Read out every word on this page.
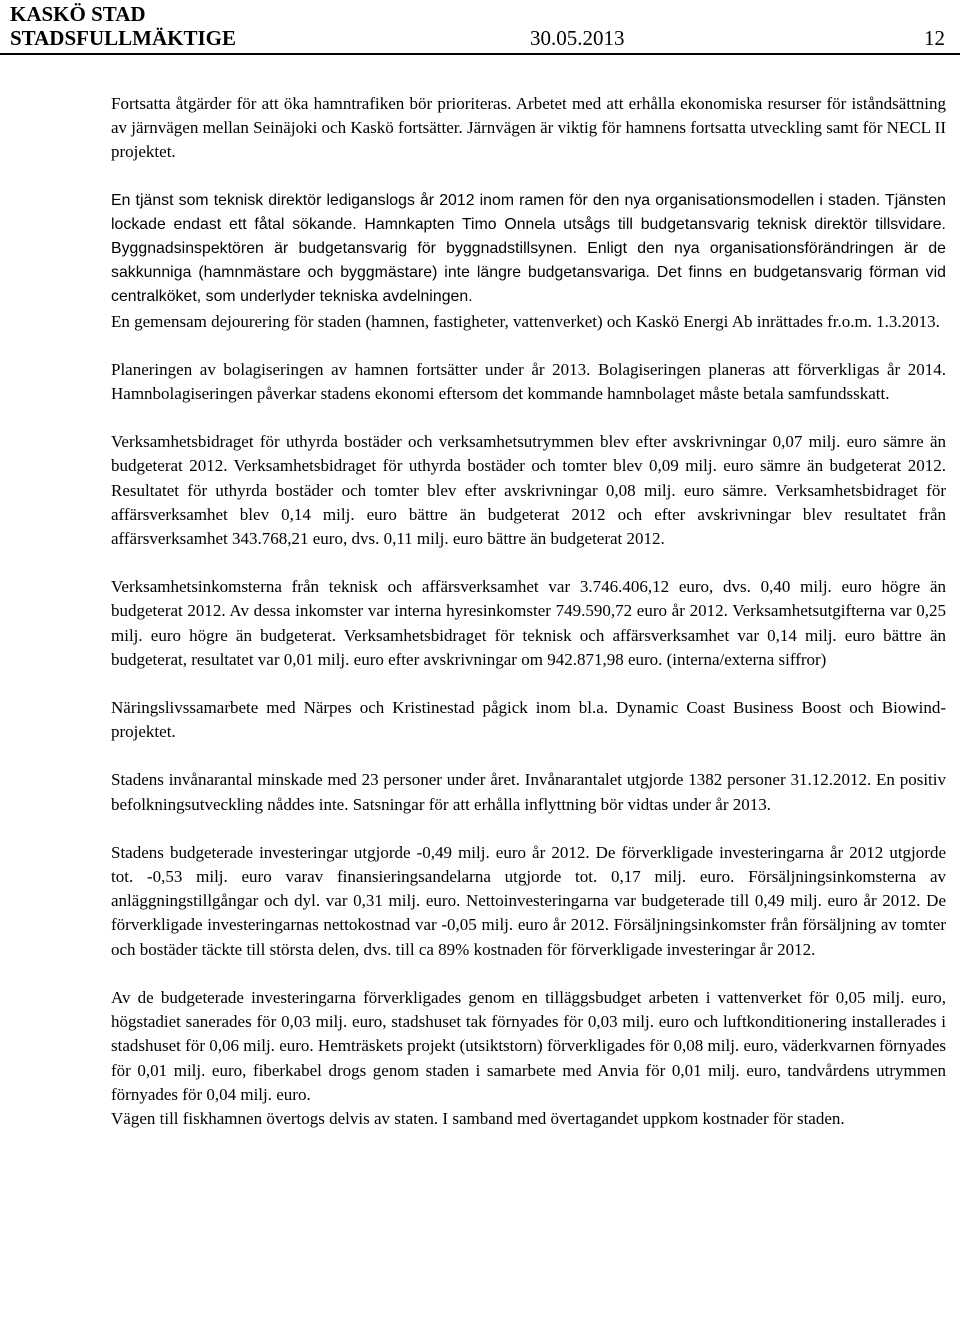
KASKÖ STAD
STADSFULLMÄKTIGE	12
30.05.2013

Fortsatta åtgärder för att öka hamntrafiken bör prioriteras. Arbetet med att erhålla ekonomiska resurser för iståndsättning av järnvägen mellan Seinäjoki och Kaskö fortsätter. Järnvägen är viktig för hamnens fortsatta utveckling samt för NECL II projektet.

En tjänst som teknisk direktör lediganslogs år 2012 inom ramen för den nya organisationsmodellen i staden. Tjänsten lockade endast ett fåtal sökande. Hamnkapten Timo Onnela utsågs till budgetansvarig teknisk direktör tillsvidare. Byggnadsinspektören är budgetansvarig för byggnadstillsynen. Enligt den nya organisationsförändringen är de sakkunniga (hamnmästare och byggmästare) inte längre budgetansvariga. Det finns en budgetansvarig förman vid centralköket, som underlyder tekniska avdelningen.

En gemensam dejourering för staden (hamnen, fastigheter, vattenverket) och Kaskö Energi Ab inrättades fr.o.m. 1.3.2013.

Planeringen av bolagiseringen av hamnen fortsätter under år 2013. Bolagiseringen planeras att förverkligas år 2014. Hamnbolagiseringen påverkar stadens ekonomi eftersom det kommande hamnbolaget måste betala samfundsskatt.

Verksamhetsbidraget för uthyrda bostäder och verksamhetsutrymmen blev efter avskrivningar 0,07 milj. euro sämre än budgeterat 2012. Verksamhetsbidraget för uthyrda bostäder och tomter blev 0,09 milj. euro sämre än budgeterat 2012. Resultatet för uthyrda bostäder och tomter blev efter avskrivningar 0,08 milj. euro sämre. Verksamhetsbidraget för affärsverksamhet blev 0,14 milj. euro bättre än budgeterat 2012 och efter avskrivningar blev resultatet från affärsverksamhet 343.768,21 euro, dvs. 0,11 milj. euro bättre än budgeterat 2012.

Verksamhetsinkomsterna från teknisk och affärsverksamhet var 3.746.406,12 euro, dvs. 0,40 milj. euro högre än budgeterat 2012. Av dessa inkomster var interna hyresinkomster 749.590,72 euro år 2012. Verksamhetsutgifterna var 0,25 milj. euro högre än budgeterat. Verksamhetsbidraget för teknisk och affärsverksamhet var 0,14 milj. euro bättre än budgeterat, resultatet var 0,01 milj. euro efter avskrivningar om 942.871,98 euro. (interna/externa siffror)

Näringslivssamarbete med Närpes och Kristinestad pågick inom bl.a. Dynamic Coast Business Boost och Biowind-projektet.

Stadens invånarantal minskade med 23 personer under året. Invånarantalet utgjorde 1382 personer 31.12.2012. En positiv befolkningsutveckling nåddes inte. Satsningar för att erhålla inflyttning bör vidtas under år 2013.

Stadens budgeterade investeringar utgjorde -0,49 milj. euro år 2012. De förverkligade investeringarna år 2012 utgjorde tot. -0,53 milj. euro varav finansieringsandelarna utgjorde tot. 0,17 milj. euro. Försäljningsinkomsterna av anläggningstillgångar och dyl. var 0,31 milj. euro. Nettoinvesteringarna var budgeterade till 0,49 milj. euro år 2012. De förverkligade investeringarnas nettokostnad var -0,05 milj. euro år 2012. Försäljningsinkomster från försäljning av tomter och bostäder täckte till största delen, dvs. till ca 89% kostnaden för förverkligade investeringar år 2012.

Av de budgeterade investeringarna förverkligades genom en tilläggsbudget arbeten i vattenverket för 0,05 milj. euro, högstadiet sanerades för 0,03 milj. euro, stadshuset tak förnyades för 0,03 milj. euro och luftkonditionering installerades i stadshuset för 0,06 milj. euro. Hemträskets projekt (utsiktstorn) förverkligades för 0,08 milj. euro, väderkvarnen förnyades för 0,01 milj. euro, fiberkabel drogs genom staden i samarbete med Anvia för 0,01 milj. euro, tandvårdens utrymmen förnyades för 0,04 milj. euro.

Vägen till fiskhamnen övertogs delvis av staten. I samband med övertagandet uppkom kostnader för staden.
